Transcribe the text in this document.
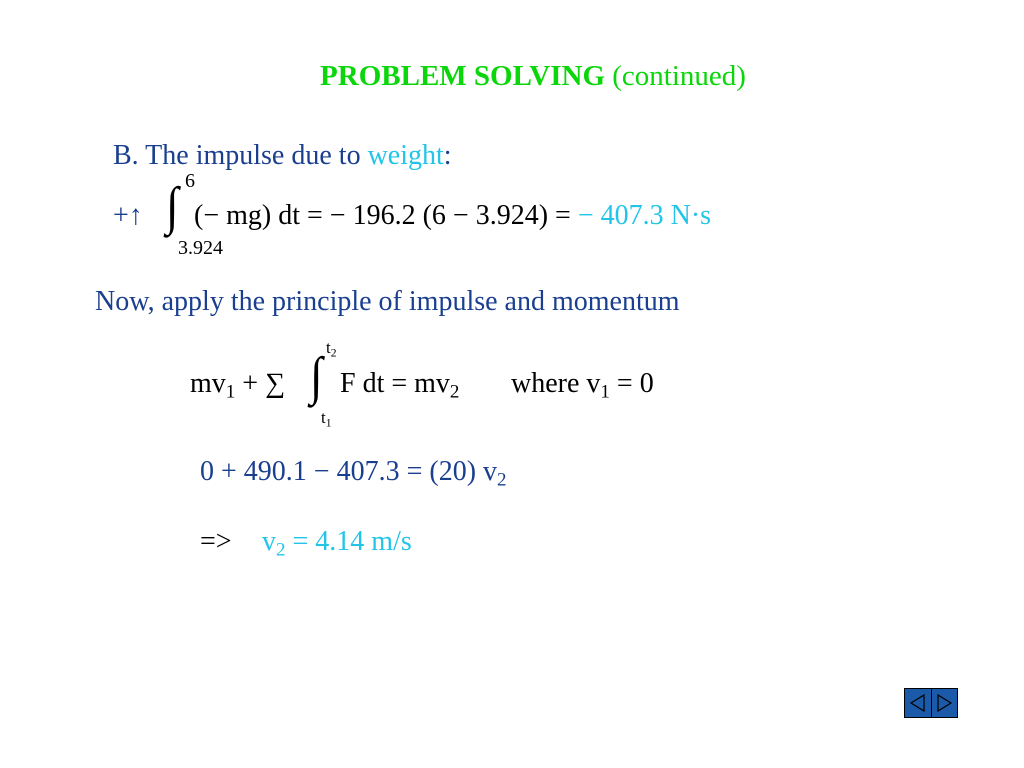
PROBLEM SOLVING (continued)
B. The impulse due to weight:
+↑ ∫ 6
3.924
(− mg) dt = − 196.2 (6 − 3.924) = − 407.3 N·s
Now, apply the principle of impulse and momentum
$mv_1$ + ∑ ∫ $t_2$
$t_1$
F dt = $mv_2$ where $v_1 = 0$
0 + 490.1 − 407.3 = (20) $v_2$
=> $v_2 = 4.14$ m/s
